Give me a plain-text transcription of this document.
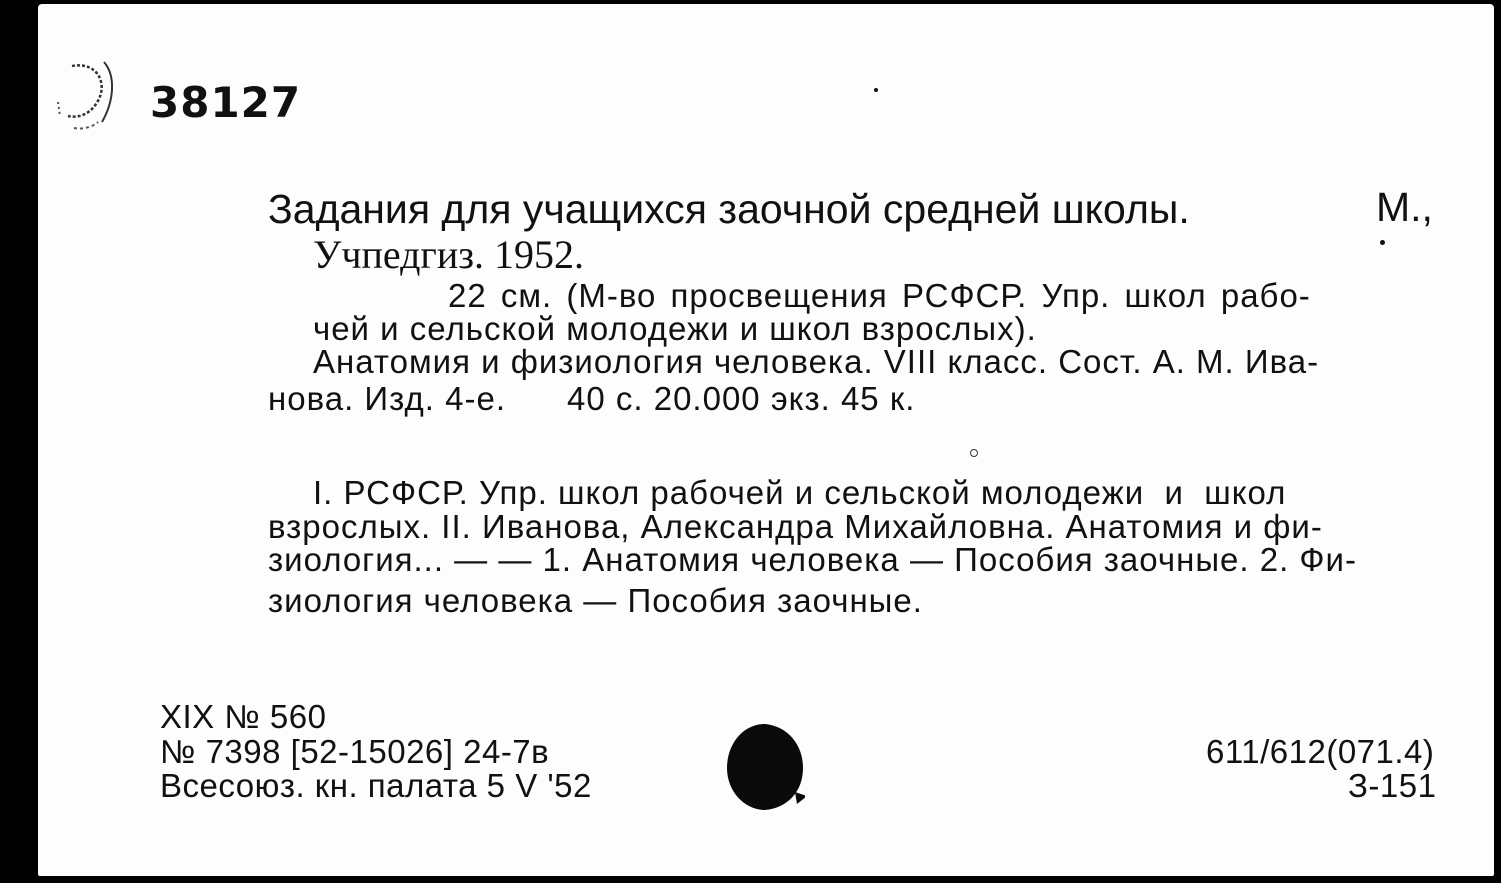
38127
Задания для учащихся заочной средней школы.	М.,
Учпедгиз. 1952.
22 см. (М-во просвещения РСФСР. Упр. школ рабо-
чей и сельской молодежи и школ взрослых).
Анатомия и физиология человека. VIII класс. Сост. А. М. Ива-
нова. Изд. 4-е.      40 с. 20.000 экз. 45 к.
I. РСФСР. Упр. школ рабочей и сельской молодежи  и  школ
взрослых. II. Иванова, Александра Михайловна. Анатомия и фи-
зиология... — — 1. Анатомия человека — Пособия заочные. 2. Фи-
зиология человека — Пособия заочные.
XIX № 560
№ 7398 [52-15026] 24-7в
Всесоюз. кн. палата 5 V '52
611/612(071.4)
З-151
